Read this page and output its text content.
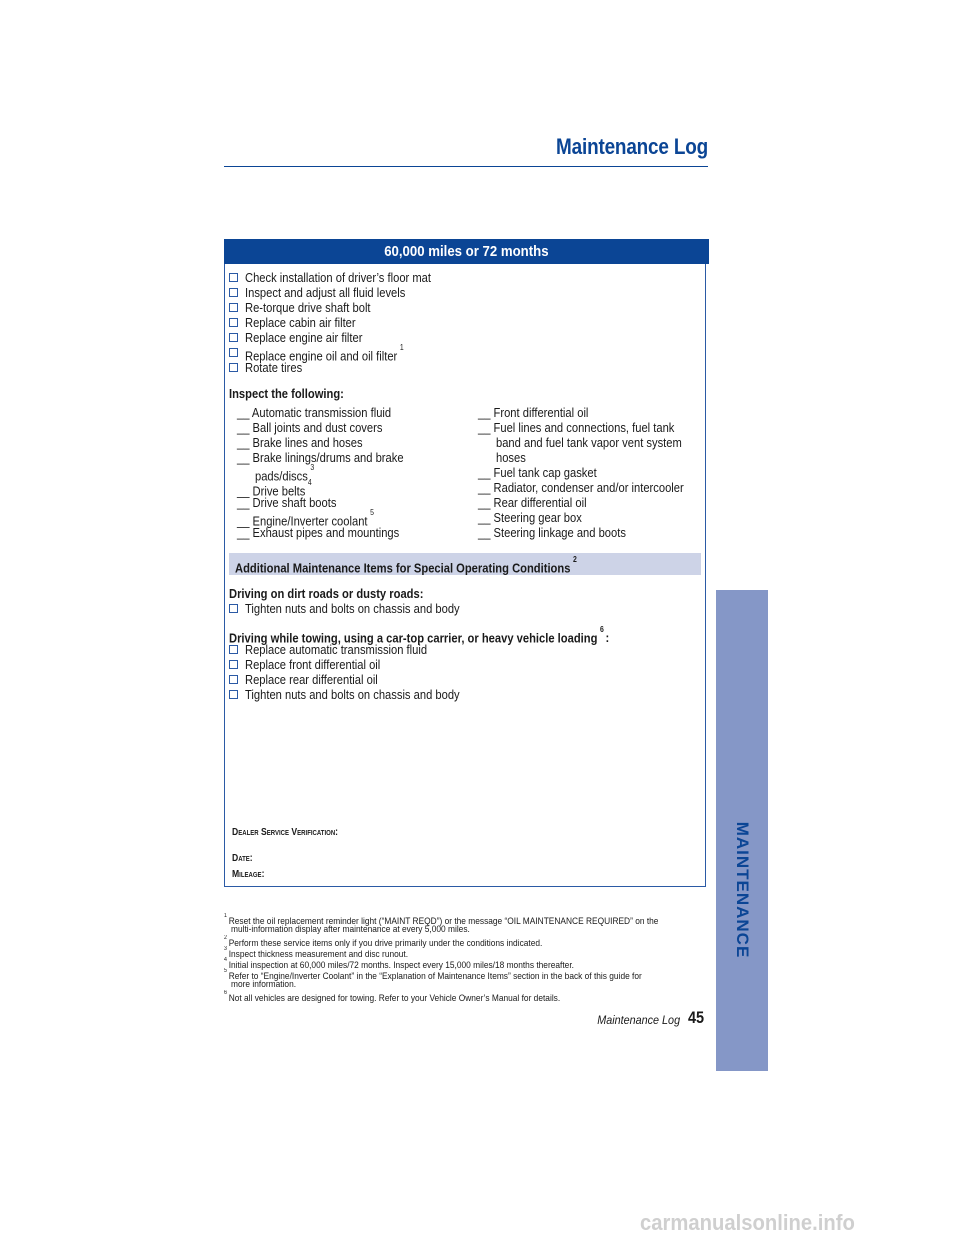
Maintenance Log
60,000 miles or 72 months
Check installation of driver’s floor mat
Inspect and adjust all fluid levels
Re-torque drive shaft bolt
Replace cabin air filter
Replace engine air filter
Replace engine oil and oil filter$^1$
Rotate tires
Inspect the following:
__ Automatic transmission fluid
__ Ball joints and dust covers
__ Brake lines and hoses
__ Brake linings/drums and brake
pads/discs$^3$
__ Drive belts$^4$
__ Drive shaft boots
__ Engine/Inverter coolant$^5$
__ Exhaust pipes and mountings
__ Front differential oil
__ Fuel lines and connections, fuel tank
band and fuel tank vapor vent system
hoses
__ Fuel tank cap gasket
__ Radiator, condenser and/or intercooler
__ Rear differential oil
__ Steering gear box
__ Steering linkage and boots
Additional Maintenance Items for Special Operating Conditions$^2$
Driving on dirt roads or dusty roads:
Tighten nuts and bolts on chassis and body
Driving while towing, using a car-top carrier, or heavy vehicle loading$^6$:
Replace automatic transmission fluid
Replace front differential oil
Replace rear differential oil
Tighten nuts and bolts on chassis and body
Dealer Service Verification:
Date:
Mileage:
$^1$Reset the oil replacement reminder light (“MAINT REQD”) or the message “OIL MAINTENANCE REQUIRED” on the
multi-information display after maintenance at every 5,000 miles.
$^2$Perform these service items only if you drive primarily under the conditions indicated.
$^3$Inspect thickness measurement and disc runout.
$^4$Initial inspection at 60,000 miles/72 months. Inspect every 15,000 miles/18 months thereafter.
$^5$Refer to “Engine/Inverter Coolant” in the “Explanation of Maintenance Items” section in the back of this guide for
more information.
$^6$Not all vehicles are designed for towing. Refer to your Vehicle Owner’s Manual for details.
Maintenance Log 45
MAINTENANCE
carmanualsonline.info
